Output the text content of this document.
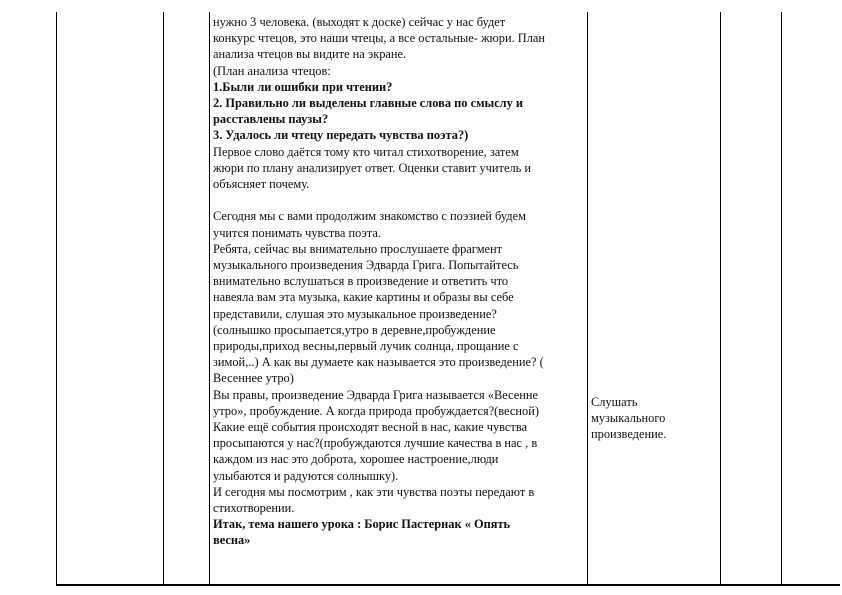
нужно 3 человека. (выходят к доске) сейчас у нас будет
конкурс чтецов, это наши чтецы, а все остальные- жюри. План
анализа чтецов вы видите на экране.
(План анализа чтецов:
1.Были ли ошибки при чтении?
2. Правильно ли выделены главные слова по смыслу и
расставлены паузы?
3. Удалось ли чтецу передать чувства поэта?)
Первое слово даётся тому кто читал стихотворение, затем
жюри по плану анализирует ответ. Оценки ставит учитель и
объясняет почему.
Сегодня мы с вами продолжим знакомство с поэзией будем
учится понимать чувства поэта.
Ребята, сейчас вы внимательно прослушаете фрагмент
музыкального произведения Эдварда Грига. Попытайтесь
внимательно вслушаться в произведение и ответить что
навеяла вам эта музыка, какие картины и образы вы себе
представили, слушая это музыкальное произведение?
(солнышко просыпается,утро в деревне,пробуждение
природы,приход весны,первый лучик солнца, прощание с
зимой,..) А как вы думаете как называется это произведение? (
Весеннее утро)
Вы правы, произведение Эдварда Грига называется «Весенне
утро», пробуждение. А когда природа пробуждается?(весной)
Какие ещё события происходят весной в нас, какие чувства
просыпаются у нас?(пробуждаются лучшие качества в нас , в
каждом из нас это доброта, хорошее настроение,люди
улыбаются и радуются солнышку).
И сегодня мы посмотрим , как эти чувства поэты передают в
стихотворении.
Итак, тема нашего урока : Борис Пастернак « Опять
весна»
Слушать
музыкального
произведение.
